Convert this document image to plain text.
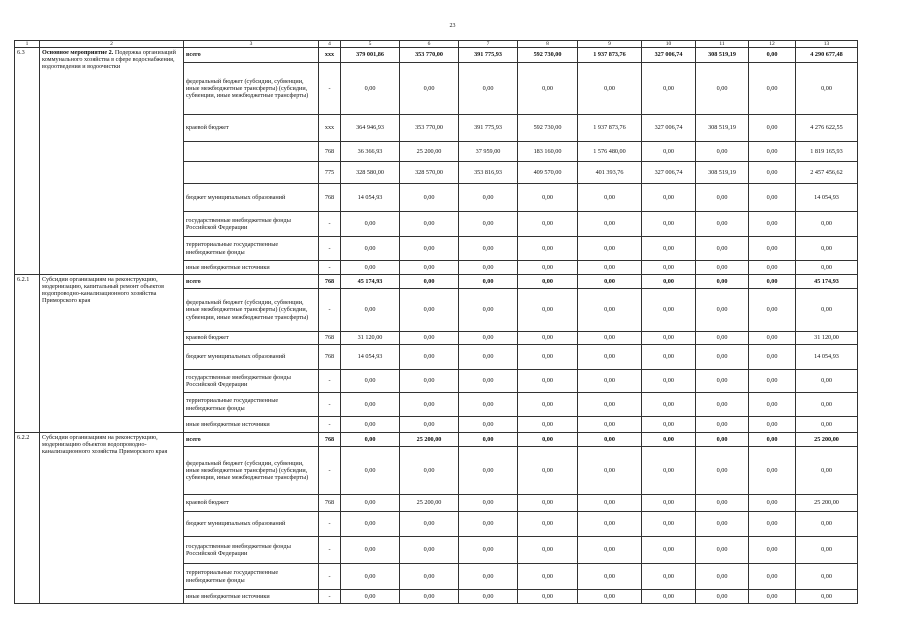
23
1	2	3	4	5	6	7	8	9	10	11	12	13
6.3	Основное мероприятие 2. Подержка организаций коммунального хозяйства в сфере водоснабжения, водоотведения и водоочистки	всего	ххх	379 001,86	353 770,00	391 775,93	592 730,00	1 937 873,76	327 006,74	308 519,19	0,00	4 290 677,48
		федеральный бюджет (субсидии, субвенции, иные межбюджетные трансферты) (субсидии, субвенции, иные межбюджетные трансферты)	-	0,00	0,00	0,00	0,00	0,00	0,00	0,00	0,00	0,00
		краевой бюджет	ххх	364 946,93	353 770,00	391 775,93	592 730,00	1 937 873,76	327 006,74	308 519,19	0,00	4 276 622,55
			768	36 366,93	25 200,00	37 959,00	183 160,00	1 576 480,00	0,00	0,00	0,00	1 819 165,93
			775	328 580,00	328 570,00	353 816,93	409 570,00	401 393,76	327 006,74	308 519,19	0,00	2 457 456,62
		бюджет муниципальных образований	768	14 054,93	0,00	0,00	0,00	0,00	0,00	0,00	0,00	14 054,93
		государственные внебюджетные фонды Российской Федерации	-	0,00	0,00	0,00	0,00	0,00	0,00	0,00	0,00	0,00
		территориальные государственные внебюджетные фонды	-	0,00	0,00	0,00	0,00	0,00	0,00	0,00	0,00	0,00
		иные внебюджетные источники	-	0,00	0,00	0,00	0,00	0,00	0,00	0,00	0,00	0,00
6.2.1	Субсидии организациям на реконструкцию, модернизацию, капитальный ремонт объектов водопроводно-канализационного хозяйства Приморского края	всего	768	45 174,93	0,00	0,00	0,00	0,00	0,00	0,00	0,00	45 174,93
		федеральный бюджет (субсидии, субвенции, иные межбюджетные трансферты) (субсидии, субвенции, иные межбюджетные трансферты)	-	0,00	0,00	0,00	0,00	0,00	0,00	0,00	0,00	0,00
		краевой бюджет	768	31 120,00	0,00	0,00	0,00	0,00	0,00	0,00	0,00	31 120,00
		бюджет муниципальных образований	768	14 054,93	0,00	0,00	0,00	0,00	0,00	0,00	0,00	14 054,93
		государственные внебюджетные фонды Российской Федерации	-	0,00	0,00	0,00	0,00	0,00	0,00	0,00	0,00	0,00
		территориальные государственные внебюджетные фонды	-	0,00	0,00	0,00	0,00	0,00	0,00	0,00	0,00	0,00
		иные внебюджетные источники	-	0,00	0,00	0,00	0,00	0,00	0,00	0,00	0,00	0,00
6.2.2	Субсидии организациям на реконструкцию, модернизацию объектов водопроводно-канализационного хозяйства Приморского края	всего	768	0,00	25 200,00	0,00	0,00	0,00	0,00	0,00	0,00	25 200,00
		федеральный бюджет (субсидии, субвенции, иные межбюджетные трансферты) (субсидии, субвенции, иные межбюджетные трансферты)	-	0,00	0,00	0,00	0,00	0,00	0,00	0,00	0,00	0,00
		краевой бюджет	768	0,00	25 200,00	0,00	0,00	0,00	0,00	0,00	0,00	25 200,00
		бюджет муниципальных образований	-	0,00	0,00	0,00	0,00	0,00	0,00	0,00	0,00	0,00
		государственные внебюджетные фонды Российской Федерации	-	0,00	0,00	0,00	0,00	0,00	0,00	0,00	0,00	0,00
		территориальные государственные внебюджетные фонды	-	0,00	0,00	0,00	0,00	0,00	0,00	0,00	0,00	0,00
		иные внебюджетные источники	-	0,00	0,00	0,00	0,00	0,00	0,00	0,00	0,00	0,00
